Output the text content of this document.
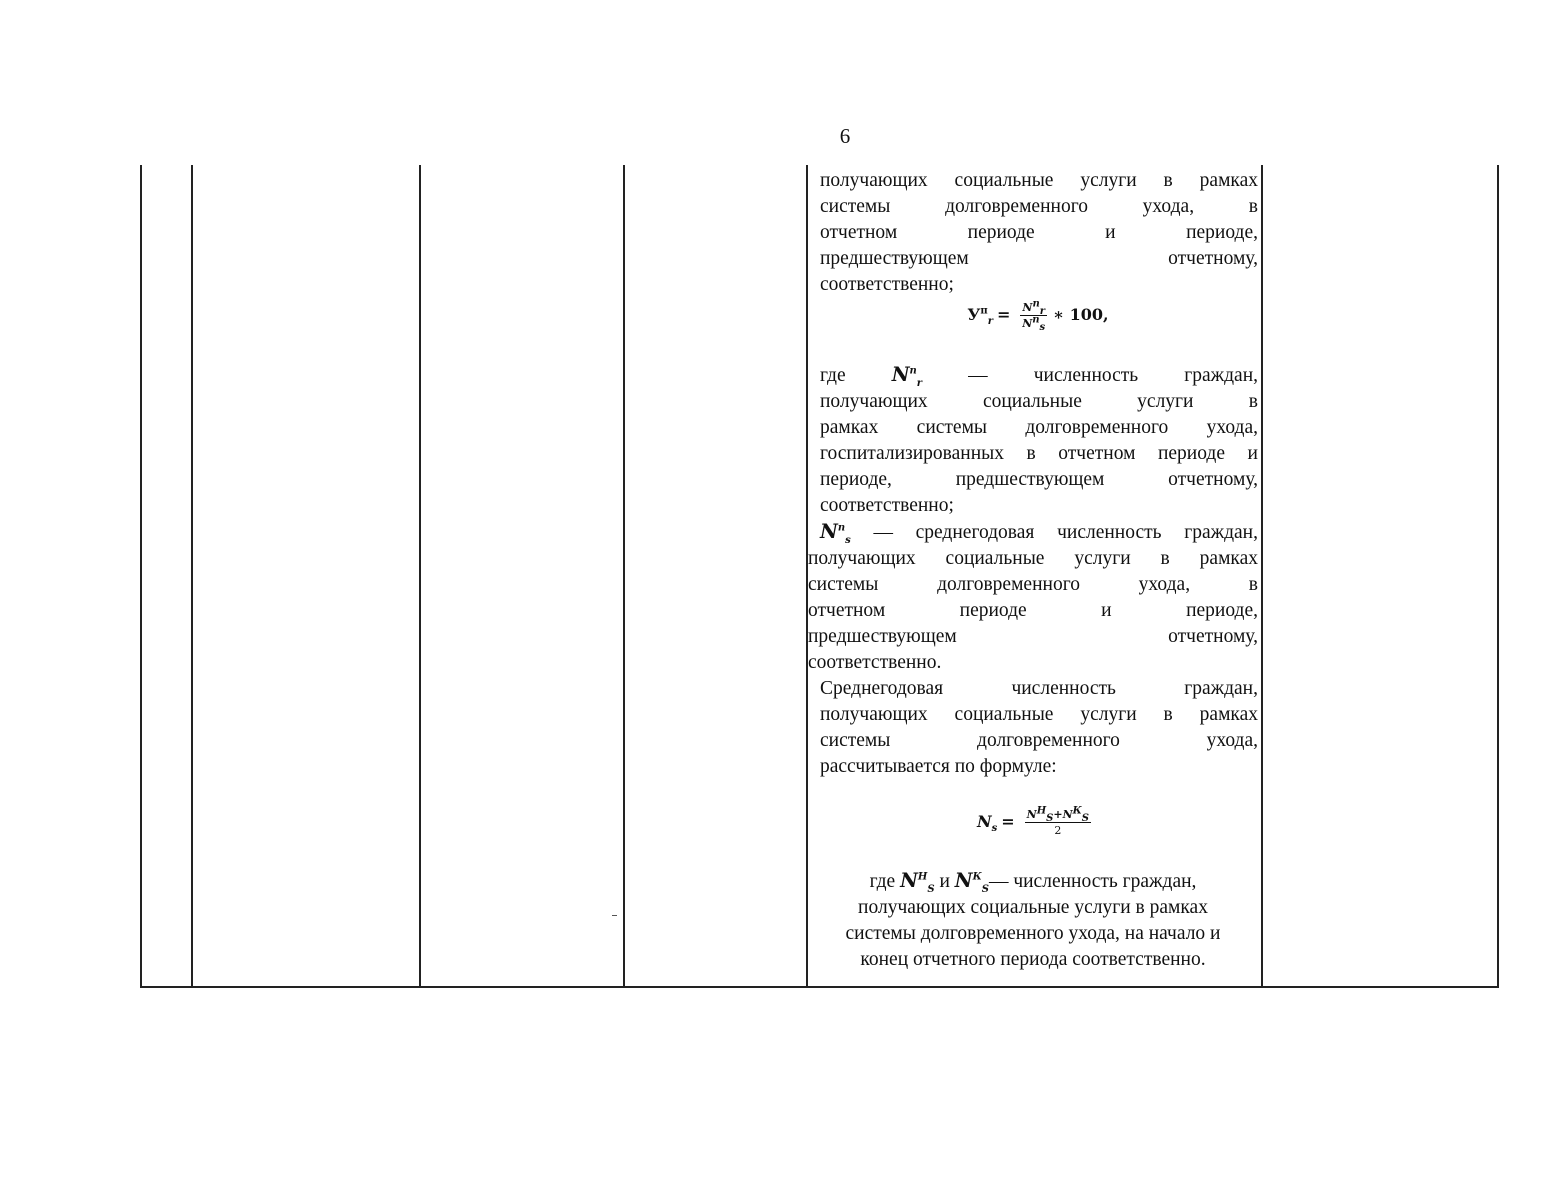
6

получающих социальные услуги в рамках

системы долговременного ухода, в

отчетном периоде и периоде,

предшествующем отчетному,

соответственно;

$У^п_r = \frac{N^п_r}{N^п_s}$ ∗ 100,

где $N^п_r$ — численность граждан,

получающих социальные услуги в

рамках системы долговременного ухода,

госпитализированных в отчетном периоде и

периоде, предшествующем отчетному,

соответственно;

$N^п_s$ — среднегодовая численность граждан,

получающих социальные услуги в рамках

системы долговременного ухода, в

отчетном периоде и периоде,

предшествующем отчетному,

соответственно.

Среднегодовая численность граждан,

получающих социальные услуги в рамках

системы долговременного ухода,

рассчитывается по формуле:

$N_s = \frac{N^Н_S+N^К_S}{2}$

где $N^Н_S$ и $N^К_S—$ численность граждан,

получающих социальные услуги в рамках

системы долговременного ухода, на начало и

конец отчетного периода соответственно.
